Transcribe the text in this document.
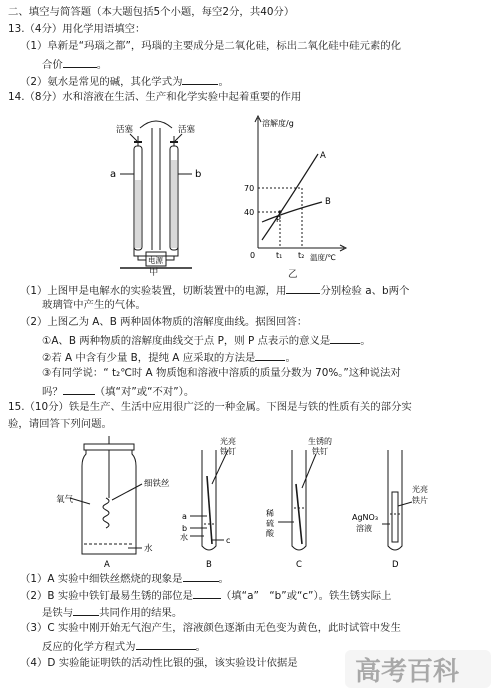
二、填空与简答题（本大题包括5个小题，每空2分，共40分）
13.（4分）用化学用语填空：
（1）阜新是“玛瑙之都”，玛瑙的主要成分是二氧化硅，标出二氧化硅中硅元素的化
合价	。
（2）氨水是常见的碱，其化学式为	。
14.（8分）水和溶液在生活、生产和化学实验中起着重要的作用
活塞	活塞
a	b
电源
甲
溶解度/g
温度/℃
70
40
0	t₁ t₂
A
B
P
乙
（1）上图甲是电解水的实验装置，切断装置中的电源，用	分别检验 a、b两个
玻璃管中产生的气体。
（2）上图乙为 A、B 两种固体物质的溶解度曲线。据图回答：
①A、B 两种物质的溶解度曲线交于点 P，则 P 点表示的意义是	。
②若 A 中含有少量 B，提纯 A 应采取的方法是	。
③有同学说：“ t₂℃时 A 物质饱和溶液中溶质的质量分数为 70%。”这种说法对
吗？	（填“对”或“不对”）。
15.（10分）铁是生产、生活中应用很广泛的一种金属。下图是与铁的性质有关的部分实
验，请回答下列问题。
氧气
细铁丝
水
A
光亮
铁钉
a
b
水	c
B
生锈的
铁钉
稀
硫
酸
C
AgNO₃
溶液
光亮
铁片
D
（1）A 实验中细铁丝燃烧的现象是	。
（2）B 实验中铁钉最易生锈的部位是	（填“a”　“b”或“c”）。铁生锈实际上
是铁与	共同作用的结果。
（3）C 实验中刚开始无气泡产生，溶液颜色逐渐由无色变为黄色，此时试管中发生
反应的化学方程式为	。
（4）D 实验能证明铁的活动性比银的强，该实验设计依据是 高考百科
